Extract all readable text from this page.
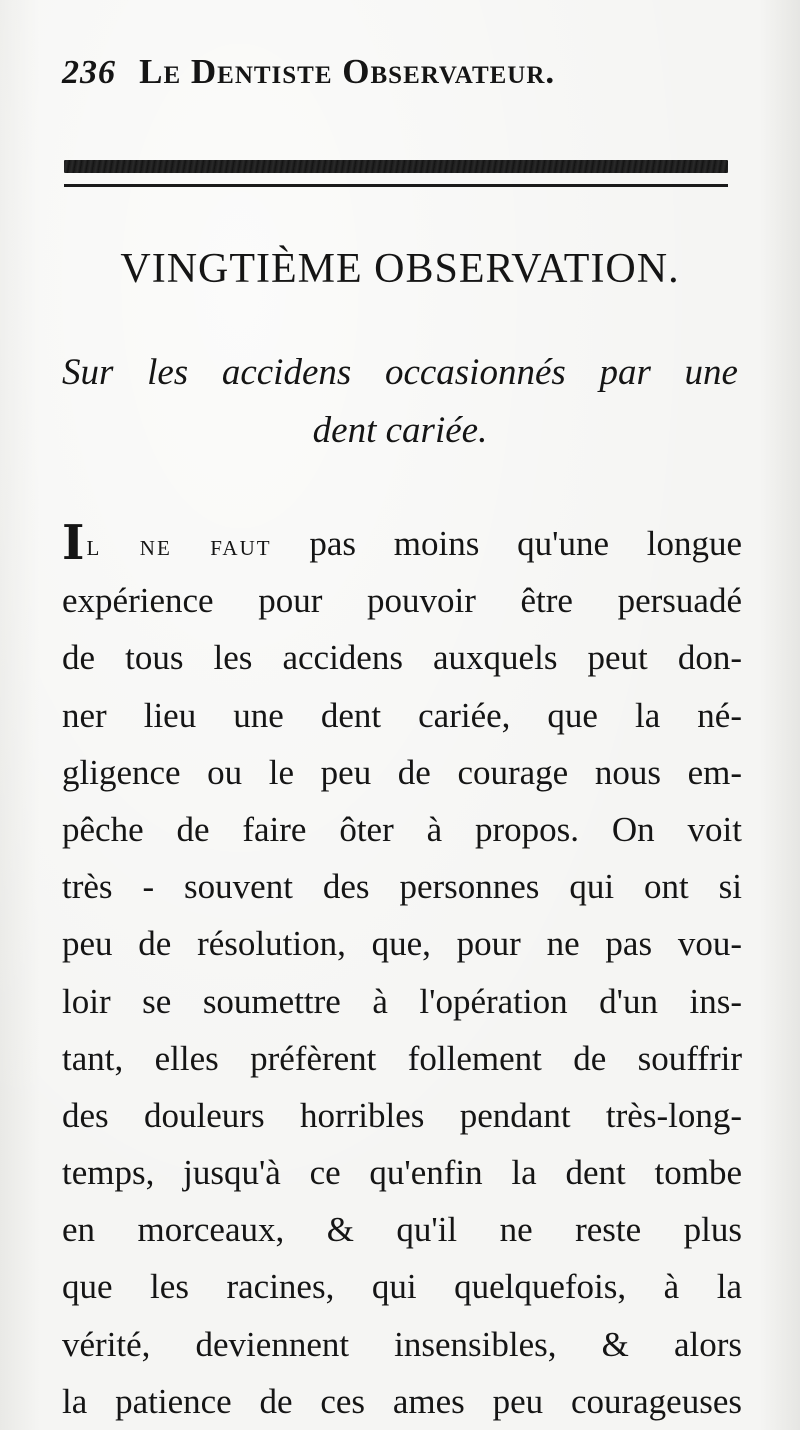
236 Le Dentiste Observateur.
VINGTIÈME OBSERVATION.
Sur les accidens occasionnés par une
dent cariée.
Il ne faut pas moins qu'une longue
expérience pour pouvoir être persuadé
de tous les accidens auxquels peut don-
ner lieu une dent cariée, que la né-
gligence ou le peu de courage nous em-
pêche de faire ôter à propos. On voit
très - souvent des personnes qui ont si
peu de résolution, que, pour ne pas vou-
loir se soumettre à l'opération d'un ins-
tant, elles préfèrent follement de souffrir
des douleurs horribles pendant très-long-
temps, jusqu'à ce qu'enfin la dent tombe
en morceaux, & qu'il ne reste plus
que les racines, qui quelquefois, à la
vérité, deviennent insensibles, & alors
la patience de ces ames peu courageuses
